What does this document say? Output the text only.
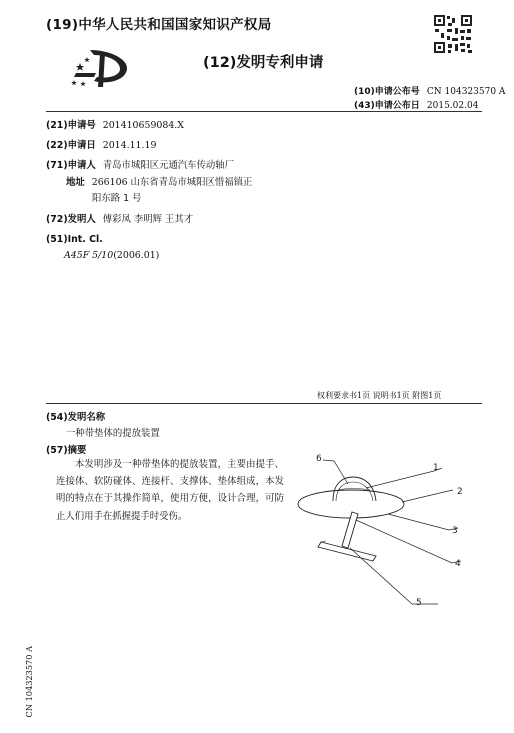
(19)中华人民共和国国家知识产权局
(12)发明专利申请
(10)申请公布号 CN 104323570 A
(43)申请公布日 2015.02.04
(21)申请号 201410659084.X
(22)申请日 2014.11.19
(71)申请人 青岛市城阳区元通汽车传动轴厂
地址 266106 山东省青岛市城阳区惜福镇正
阳东路 1 号
(72)发明人 傅彩凤 李明辉 王其才
(51)Int. Cl.
A45F 5/10(2006.01)
权利要求书1页 说明书1页 附图1页
(54)发明名称
一种带垫体的提放装置
(57)摘要
本发明涉及一种带垫体的提放装置，主要由提手、连接体、软防碰体、连接杆、支撑体、垫体组成，本发明的特点在于其操作简单，使用方便，设计合理，可防止人们用手在抓握提手时受伤。
6
1
2
3
4
5
CN 104323570 A
